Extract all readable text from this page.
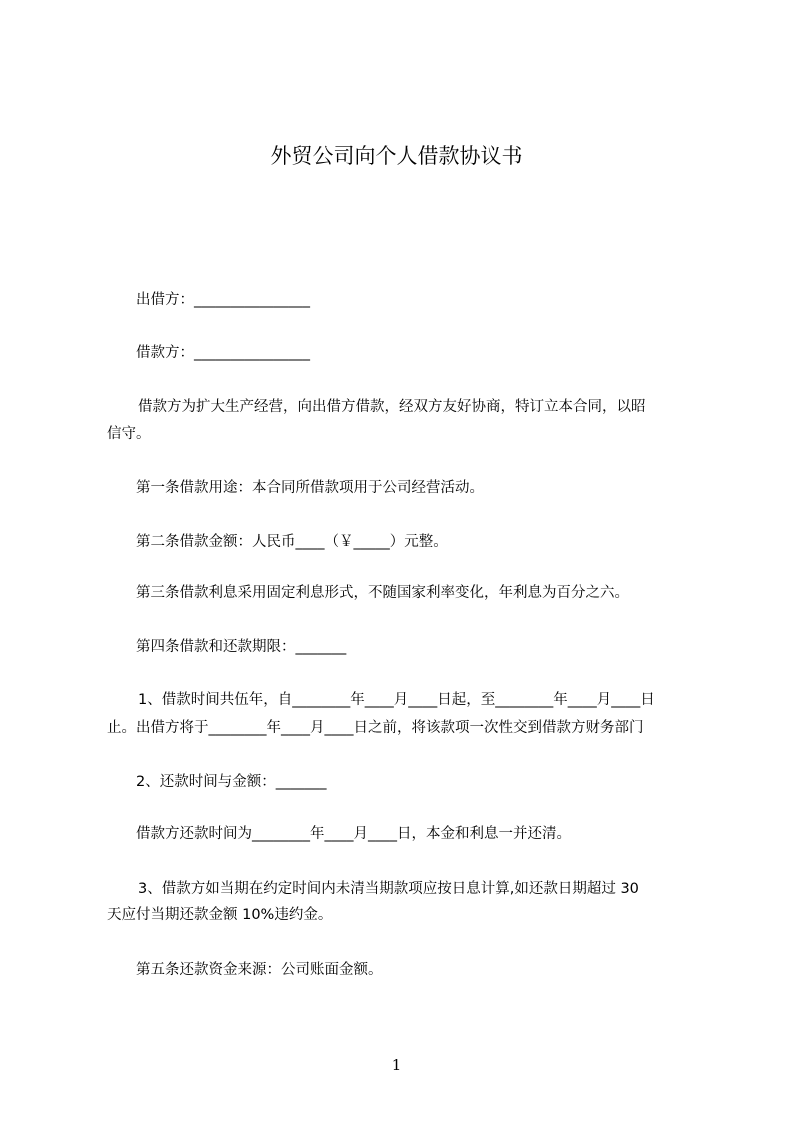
外贸公司向个人借款协议书
出借方：________________
借款方：________________
借款方为扩大生产经营，向出借方借款，经双方友好协商，特订立本合同，以昭
信守。
第一条借款用途：本合同所借款项用于公司经营活动。
第二条借款金额：人民币____（￥_____）元整。
第三条借款利息采用固定利息形式，不随国家利率变化，年利息为百分之六。
第四条借款和还款期限：_______
1、借款时间共伍年，自________年____月____日起，至________年____月____日
止。出借方将于________年____月____日之前，将该款项一次性交到借款方财务部门
2、还款时间与金额：_______
借款方还款时间为________年____月____日，本金和利息一并还清。
3、借款方如当期在约定时间内未清当期款项应按日息计算,如还款日期超过 30
天应付当期还款金额 10%违约金。
第五条还款资金来源：公司账面金额。
1
